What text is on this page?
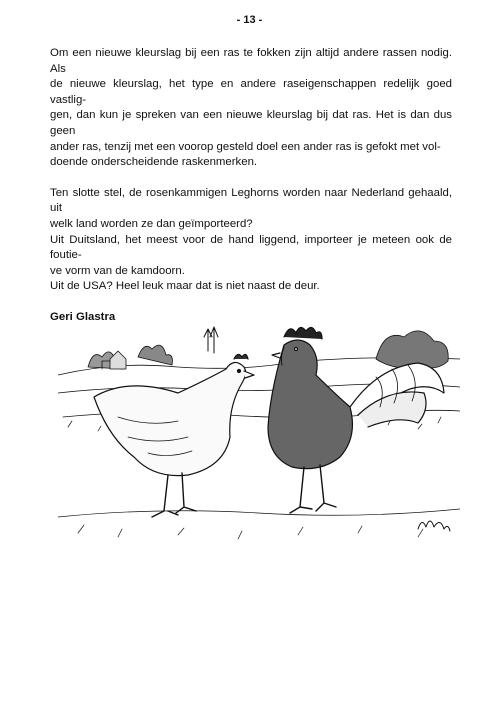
- 13 -

Om een nieuwe kleurslag bij een ras te fokken zijn altijd andere rassen nodig. Als
de nieuwe kleurslag, het type en andere raseigenschappen redelijk goed vastlig-
gen, dan kun je spreken van een nieuwe kleurslag bij dat ras. Het is dan dus geen
ander ras, tenzij met een voorop gesteld doel een ander ras is gefokt met vol-
doende onderscheidende raskenmerken.

Ten slotte stel, de rosenkammigen Leghorns worden naar Nederland gehaald, uit
welk land worden ze dan geïmporteerd?
Uit Duitsland, het meest voor de hand liggend, importeer je meteen ook de foutie-
ve vorm van de kamdoorn.
Uit de USA? Heel leuk maar dat is niet naast de deur.

Geri Glastra
